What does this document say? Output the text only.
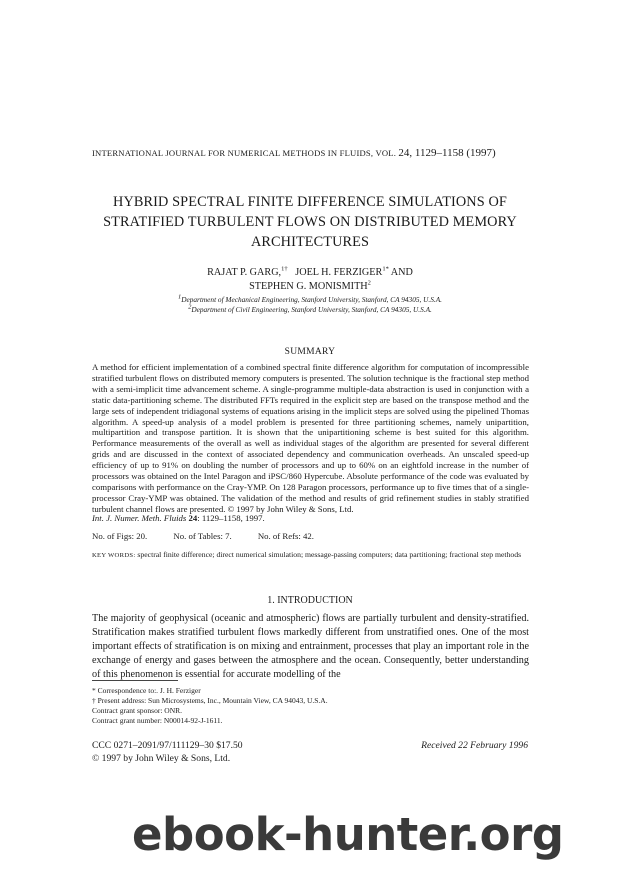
INTERNATIONAL JOURNAL FOR NUMERICAL METHODS IN FLUIDS, VOL. 24, 1129–1158 (1997)
HYBRID SPECTRAL FINITE DIFFERENCE SIMULATIONS OF
STRATIFIED TURBULENT FLOWS ON DISTRIBUTED MEMORY
ARCHITECTURES
RAJAT P. GARG,$^{1\dagger}$ JOEL H. $FERZIGER^{1*}$ AND
STEPHEN G. MONISMITH$^2$
$^1$Department of Mechanical Engineering, Stanford University, Stanford, CA 94305, U.S.A.
$^2$Department of Civil Engineering, Stanford University, Stanford, CA 94305, U.S.A.
SUMMARY
A method for efficient implementation of a combined spectral finite difference algorithm for computation of incompressible stratified turbulent flows on distributed memory computers is presented. The solution technique is the fractional step method with a semi-implicit time advancement scheme. A single-programme multiple-data abstraction is used in conjunction with a static data-partitioning scheme. The distributed FFTs required in the explicit step are based on the transpose method and the large sets of independent tridiagonal systems of equations arising in the implicit steps are solved using the pipelined Thomas algorithm. A speed-up analysis of a model problem is presented for three partitioning schemes, namely unipartition, multipartition and transpose partition. It is shown that the unipartitioning scheme is best suited for this algorithm. Performance measurements of the overall as well as individual stages of the algorithm are presented for several different grids and are discussed in the context of associated dependency and communication overheads. An unscaled speed-up efficiency of up to 91% on doubling the number of processors and up to 60% on an eightfold increase in the number of processors was obtained on the Intel Paragon and iPSC/860 Hypercube. Absolute performance of the code was evaluated by comparisons with performance on the Cray-YMP. On 128 Paragon processors, performance up to five times that of a single-processor Cray-YMP was obtained. The validation of the method and results of grid refinement studies in stably stratified turbulent channel flows are presented. © 1997 by John Wiley & Sons, Ltd.
Int. J. Numer. Meth. Fluids 24: 1129–1158, 1997.
No. of Figs: 20.	No. of Tables: 7.	No. of Refs: 42.
KEY WORDS: spectral finite difference; direct numerical simulation; message-passing computers; data partitioning; fractional step methods
1. INTRODUCTION
The majority of geophysical (oceanic and atmospheric) flows are partially turbulent and density-stratified. Stratification makes stratified turbulent flows markedly different from unstratified ones. One of the most important effects of stratification is on mixing and entrainment, processes that play an important role in the exchange of energy and gases between the atmosphere and the ocean. Consequently, better understanding of this phenomenon is essential for accurate modelling of the
* Correspondence to:. J. H. Ferziger
† Present address: Sun Microsystems, Inc., Mountain View, CA 94043, U.S.A.
Contract grant sponsor: ONR.
Contract grant number: N00014-92-J-1611.
CCC 0271–2091/97/111129–30 $17.50
© 1997 by John Wiley & Sons, Ltd.
Received 22 February 1996
ebook-hunter.org
